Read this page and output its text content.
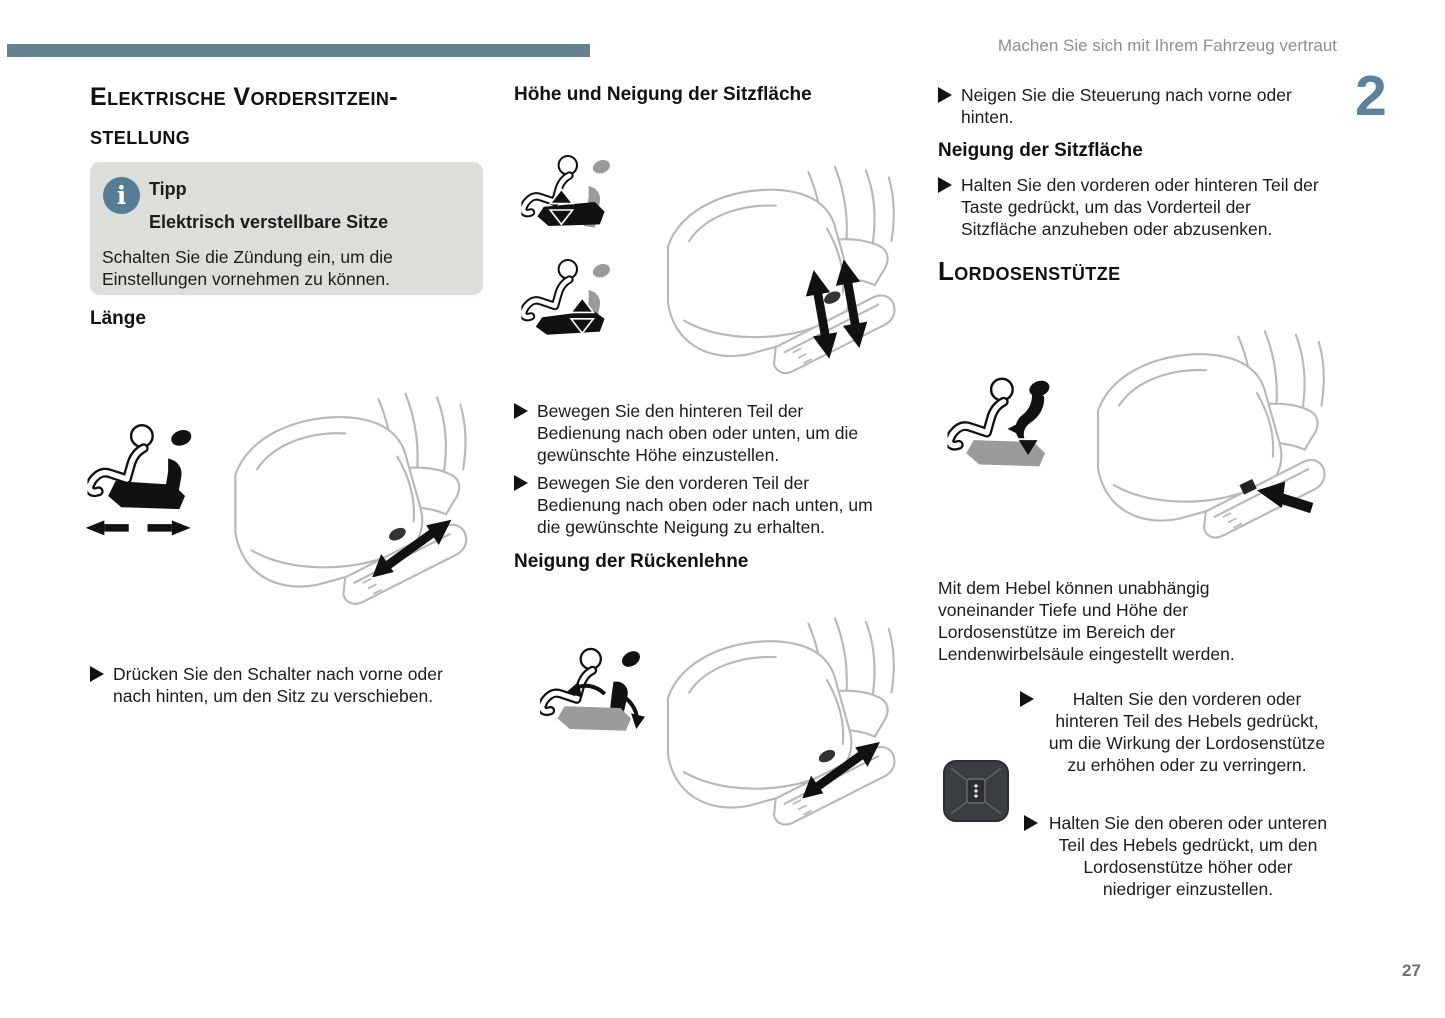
Machen Sie sich mit Ihrem Fahrzeug vertraut
2
Elektrische Vordersitzein-
stellung
i	Tipp
Elektrisch verstellbare Sitze
Schalten Sie die Zündung ein, um die Einstellungen vornehmen zu können.
Länge
Drücken Sie den Schalter nach vorne oder nach hinten, um den Sitz zu verschieben.
Höhe und Neigung der Sitzfläche
Bewegen Sie den hinteren Teil der Bedienung nach oben oder unten, um die gewünschte Höhe einzustellen.
Bewegen Sie den vorderen Teil der Bedienung nach oben oder nach unten, um die gewünschte Neigung zu erhalten.
Neigung der Rückenlehne
Neigen Sie die Steuerung nach vorne oder hinten.
Neigung der Sitzfläche
Halten Sie den vorderen oder hinteren Teil der Taste gedrückt, um das Vorderteil der Sitzfläche anzuheben oder abzusenken.
Lordosenstütze
Mit dem Hebel können unabhängig voneinander Tiefe und Höhe der Lordosenstütze im Bereich der Lendenwirbelsäule eingestellt werden.
Halten Sie den vorderen oder hinteren Teil des Hebels gedrückt, um die Wirkung der Lordosenstütze zu erhöhen oder zu verringern.
Halten Sie den oberen oder unteren Teil des Hebels gedrückt, um den Lordosenstütze höher oder niedriger einzustellen.
27
